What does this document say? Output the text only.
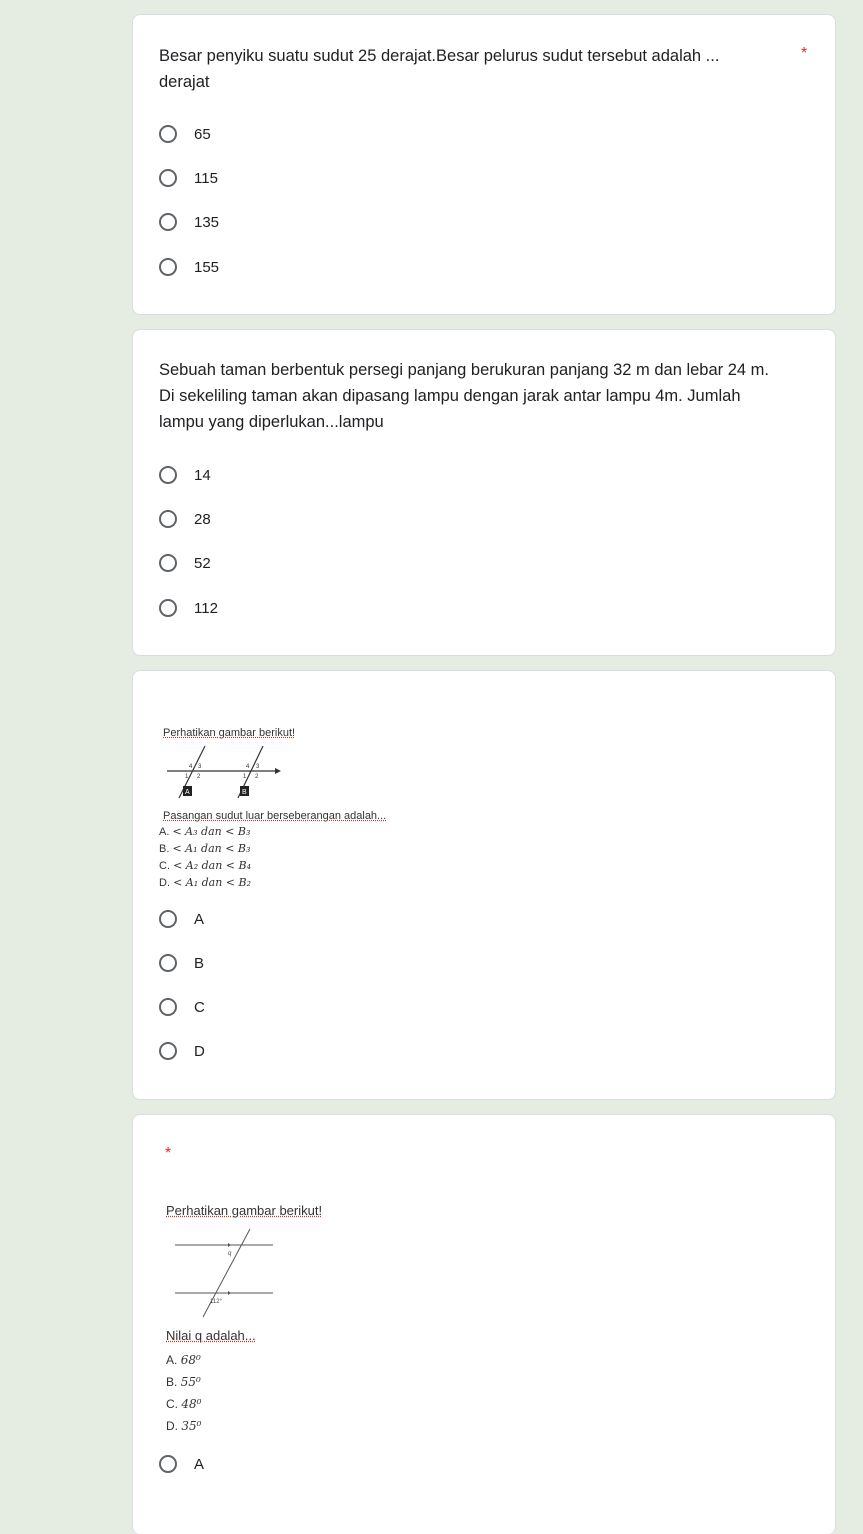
Besar penyiku suatu sudut 25 derajat.Besar pelurus sudut tersebut adalah ...
derajat
*
65
115
135
155
Sebuah taman berbentuk persegi panjang berukuran panjang 32 m dan lebar 24 m.
Di sekeliling taman akan dipasang lampu dengan jarak antar lampu 4m. Jumlah
lampu yang diperlukan...lampu
14
28
52
112
Perhatikan gambar berikut!
4 3
1 2
4 3
1 2
A	B
Pasangan sudut luar berseberangan adalah...
A. < A₃ dan < B₃
B. < A₁ dan < B₃
C. < A₂ dan < B₄
D. < A₁ dan < B₂
A
B
C
D
*
Perhatikan gambar berikut!
q
112°
Nilai q adalah...
A. 68⁰
B. 55⁰
C. 48⁰
D. 35⁰
A
